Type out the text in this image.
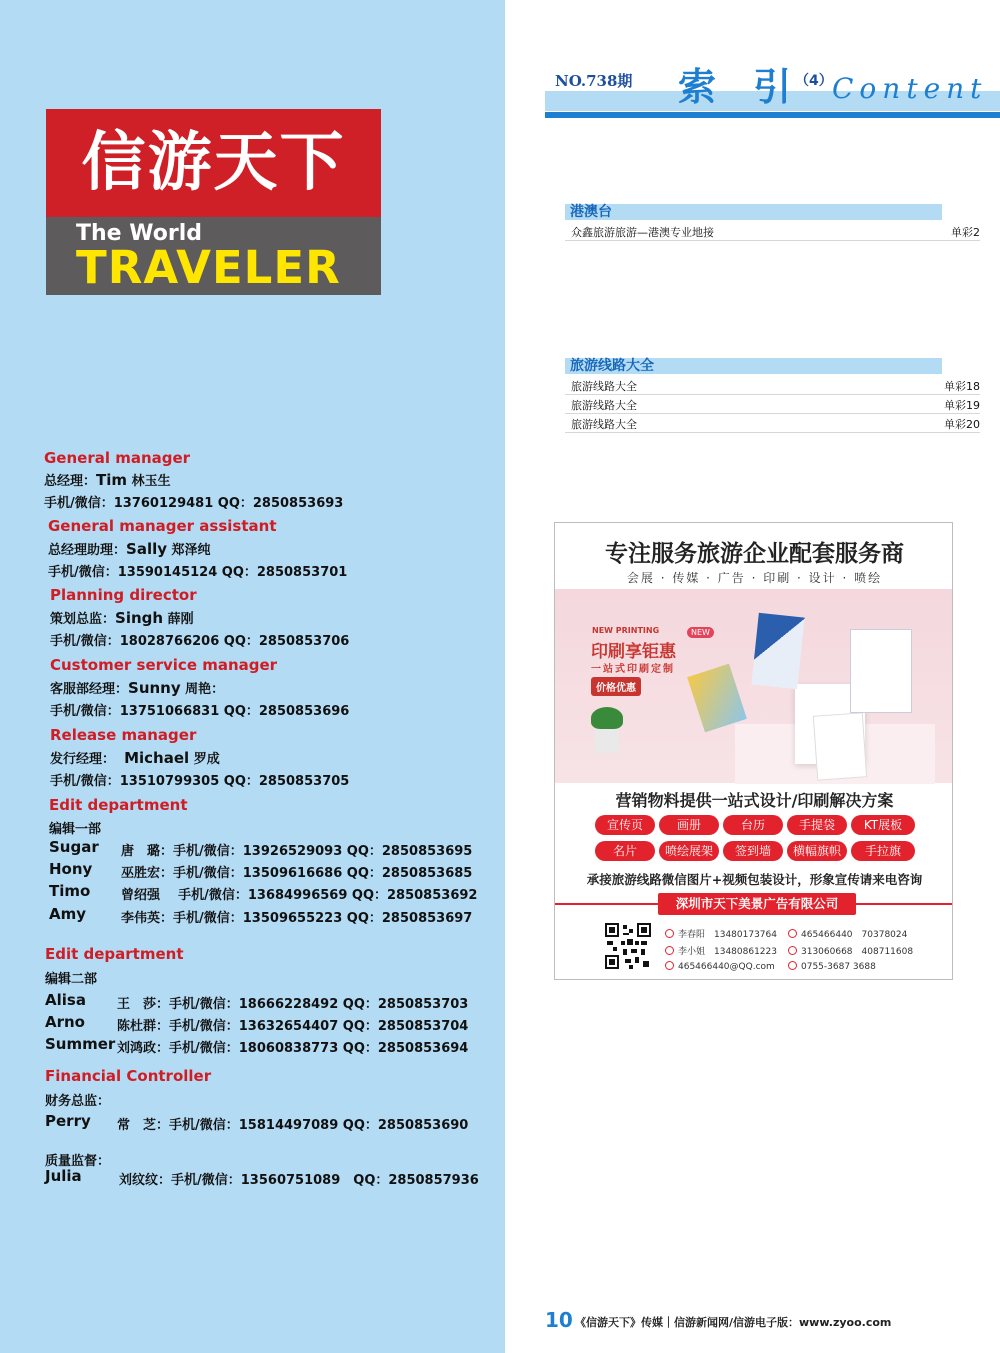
信游天下
The World
TRAVELER
General manager
总经理：Tim 林玉生
手机/微信：13760129481 QQ：2850853693
General manager assistant
总经理助理：Sally 郑泽纯
手机/微信：13590145124 QQ：2850853701
Planning director
策划总监：Singh 薛刚
手机/微信：18028766206 QQ：2850853706
Customer service manager
客服部经理：Sunny 周艳：
手机/微信：13751066831 QQ：2850853696
Release manager
发行经理： Michael 罗成
手机/微信：13510799305 QQ：2850853705
Edit department
编辑一部
Sugar 唐　璐：手机/微信：13926529093 QQ：2850853695
Hony 巫胜宏：手机/微信：13509616686 QQ：2850853685
Timo 曾绍强 手机/微信：13684996569 QQ：2850853692
Amy	李伟英：手机/微信：13509655223 QQ：2850853697
Edit department
编辑二部
Alisa 王　莎：手机/微信：18666228492 QQ：2850853703
Arno 陈杜群：手机/微信：13632654407 QQ：2850853704
Summer 刘鸿政：手机/微信：18060838773 QQ：2850853694
Financial Controller
财务总监：
Perry 常　芝：手机/微信：15814497089 QQ：2850853690
质量监督：
Julia	刘纹纹：手机/微信：13560751089　QQ：2850857936
NO.738期 索 引
（4） Content
港澳台
众鑫旅游旅游—港澳专业地接	单彩2
旅游线路大全
旅游线路大全	单彩18
旅游线路大全	单彩19
旅游线路大全	单彩20
专注服务旅游企业配套服务商
会展 · 传媒 · 广告 · 印刷 · 设计 · 喷绘
NEW PRINTING
印刷享钜惠
一站式印刷定制
价格优惠
NEW
营销物料提供一站式设计/印刷解决方案
宣传页	画册	台历	手提袋	KT展板
名片	喷绘展架	签到墙	横幅旗帜	手拉旗
承接旅游线路微信图片+视频包装设计，形象宣传请来电咨询
深圳市天下美景广告有限公司
李春阳　13480173764
李小姐　13480861223
465466440@QQ.com
465466440　70378024
313060668　408711608
0755-3687 3688
10 《信游天下》传媒｜信游新闻网/信游电子版：www.zyoo.com
